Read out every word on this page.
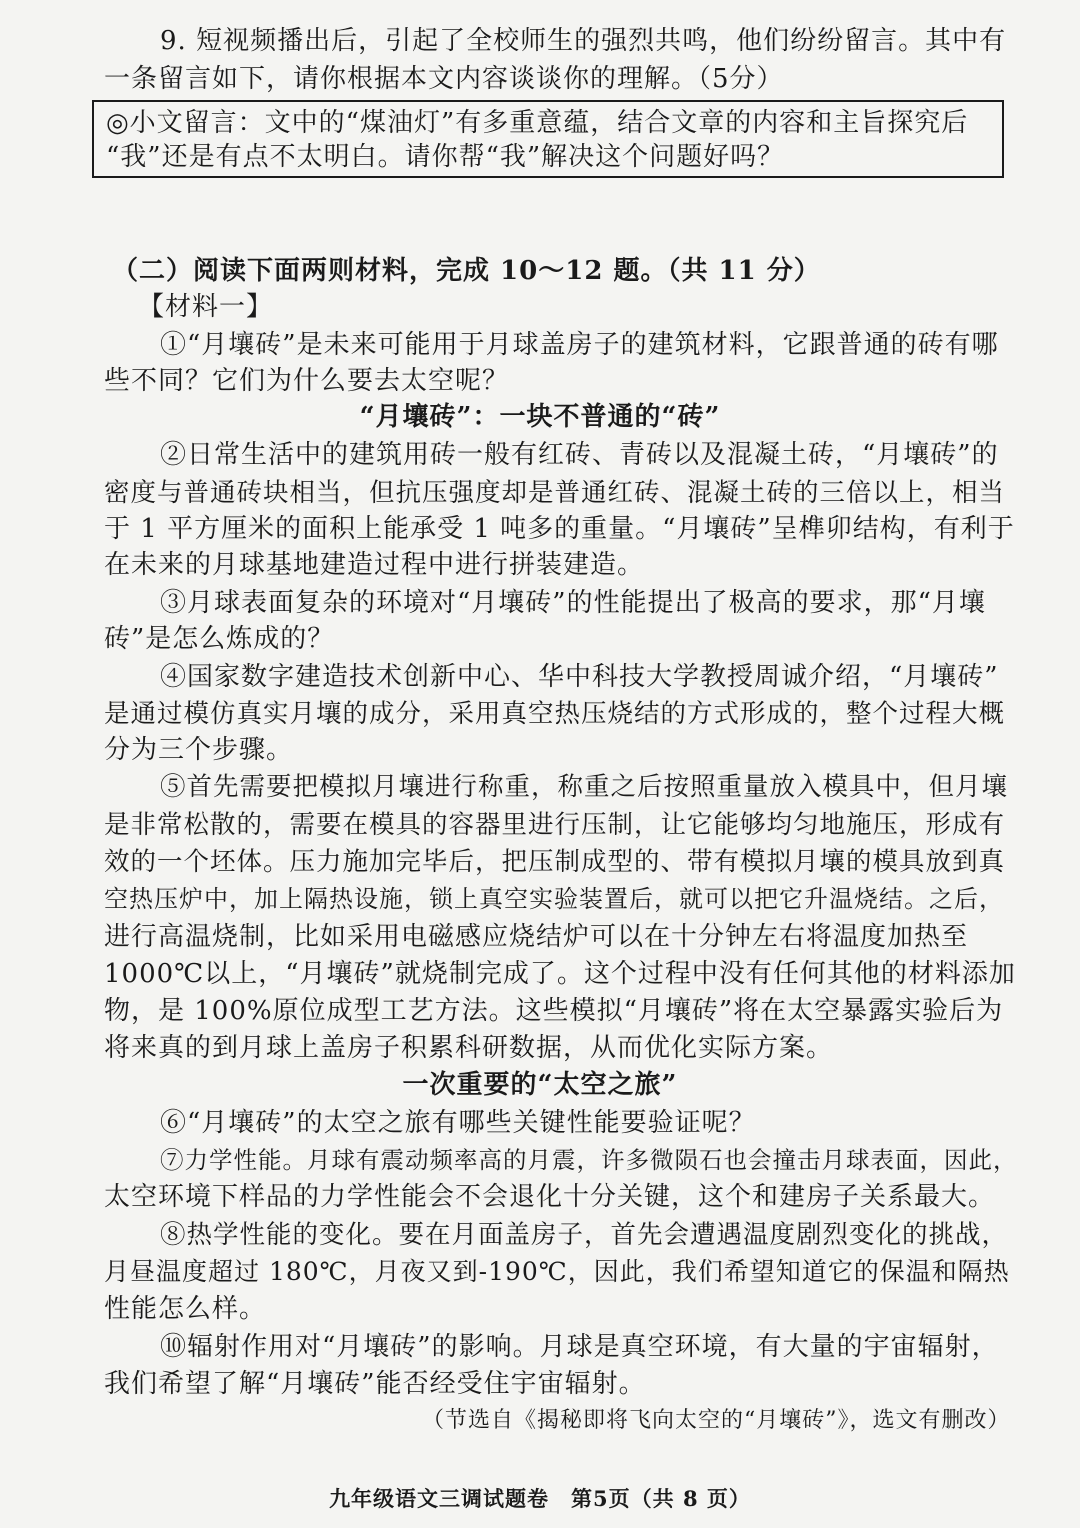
9. 短视频播出后，引起了全校师生的强烈共鸣，他们纷纷留言。其中有
一条留言如下，请你根据本文内容谈谈你的理解。（5分）
◎小文留言：文中的“煤油灯”有多重意蕴，结合文章的内容和主旨探究后
“我”还是有点不太明白。请你帮“我”解决这个问题好吗？
（二）阅读下面两则材料，完成 10～12 题。（共 11 分）
【材料一】
①“月壤砖”是未来可能用于月球盖房子的建筑材料，它跟普通的砖有哪
些不同？它们为什么要去太空呢？
“月壤砖”：一块不普通的“砖”
②日常生活中的建筑用砖一般有红砖、青砖以及混凝土砖，“月壤砖”的
密度与普通砖块相当，但抗压强度却是普通红砖、混凝土砖的三倍以上，相当
于 1 平方厘米的面积上能承受 1 吨多的重量。“月壤砖”呈榫卯结构，有利于
在未来的月球基地建造过程中进行拼装建造。
③月球表面复杂的环境对“月壤砖”的性能提出了极高的要求，那“月壤
砖”是怎么炼成的？
④国家数字建造技术创新中心、华中科技大学教授周诚介绍，“月壤砖”
是通过模仿真实月壤的成分，采用真空热压烧结的方式形成的，整个过程大概
分为三个步骤。
⑤首先需要把模拟月壤进行称重，称重之后按照重量放入模具中，但月壤
是非常松散的，需要在模具的容器里进行压制，让它能够均匀地施压，形成有
效的一个坯体。压力施加完毕后，把压制成型的、带有模拟月壤的模具放到真
空热压炉中，加上隔热设施，锁上真空实验装置后，就可以把它升温烧结。之后，
进行高温烧制，比如采用电磁感应烧结炉可以在十分钟左右将温度加热至
1000℃以上，“月壤砖”就烧制完成了。这个过程中没有任何其他的材料添加
物，是 100%原位成型工艺方法。这些模拟“月壤砖”将在太空暴露实验后为
将来真的到月球上盖房子积累科研数据，从而优化实际方案。
一次重要的“太空之旅”
⑥“月壤砖”的太空之旅有哪些关键性能要验证呢？
⑦力学性能。月球有震动频率高的月震，许多微陨石也会撞击月球表面，因此，
太空环境下样品的力学性能会不会退化十分关键，这个和建房子关系最大。
⑧热学性能的变化。要在月面盖房子，首先会遭遇温度剧烈变化的挑战，
月昼温度超过 180℃，月夜又到-190℃，因此，我们希望知道它的保温和隔热
性能怎么样。
⑩辐射作用对“月壤砖”的影响。月球是真空环境，有大量的宇宙辐射，
我们希望了解“月壤砖”能否经受住宇宙辐射。
（节选自《揭秘即将飞向太空的“月壤砖”》，选文有删改）
九年级语文三调试题卷　第5页（共 8 页）
